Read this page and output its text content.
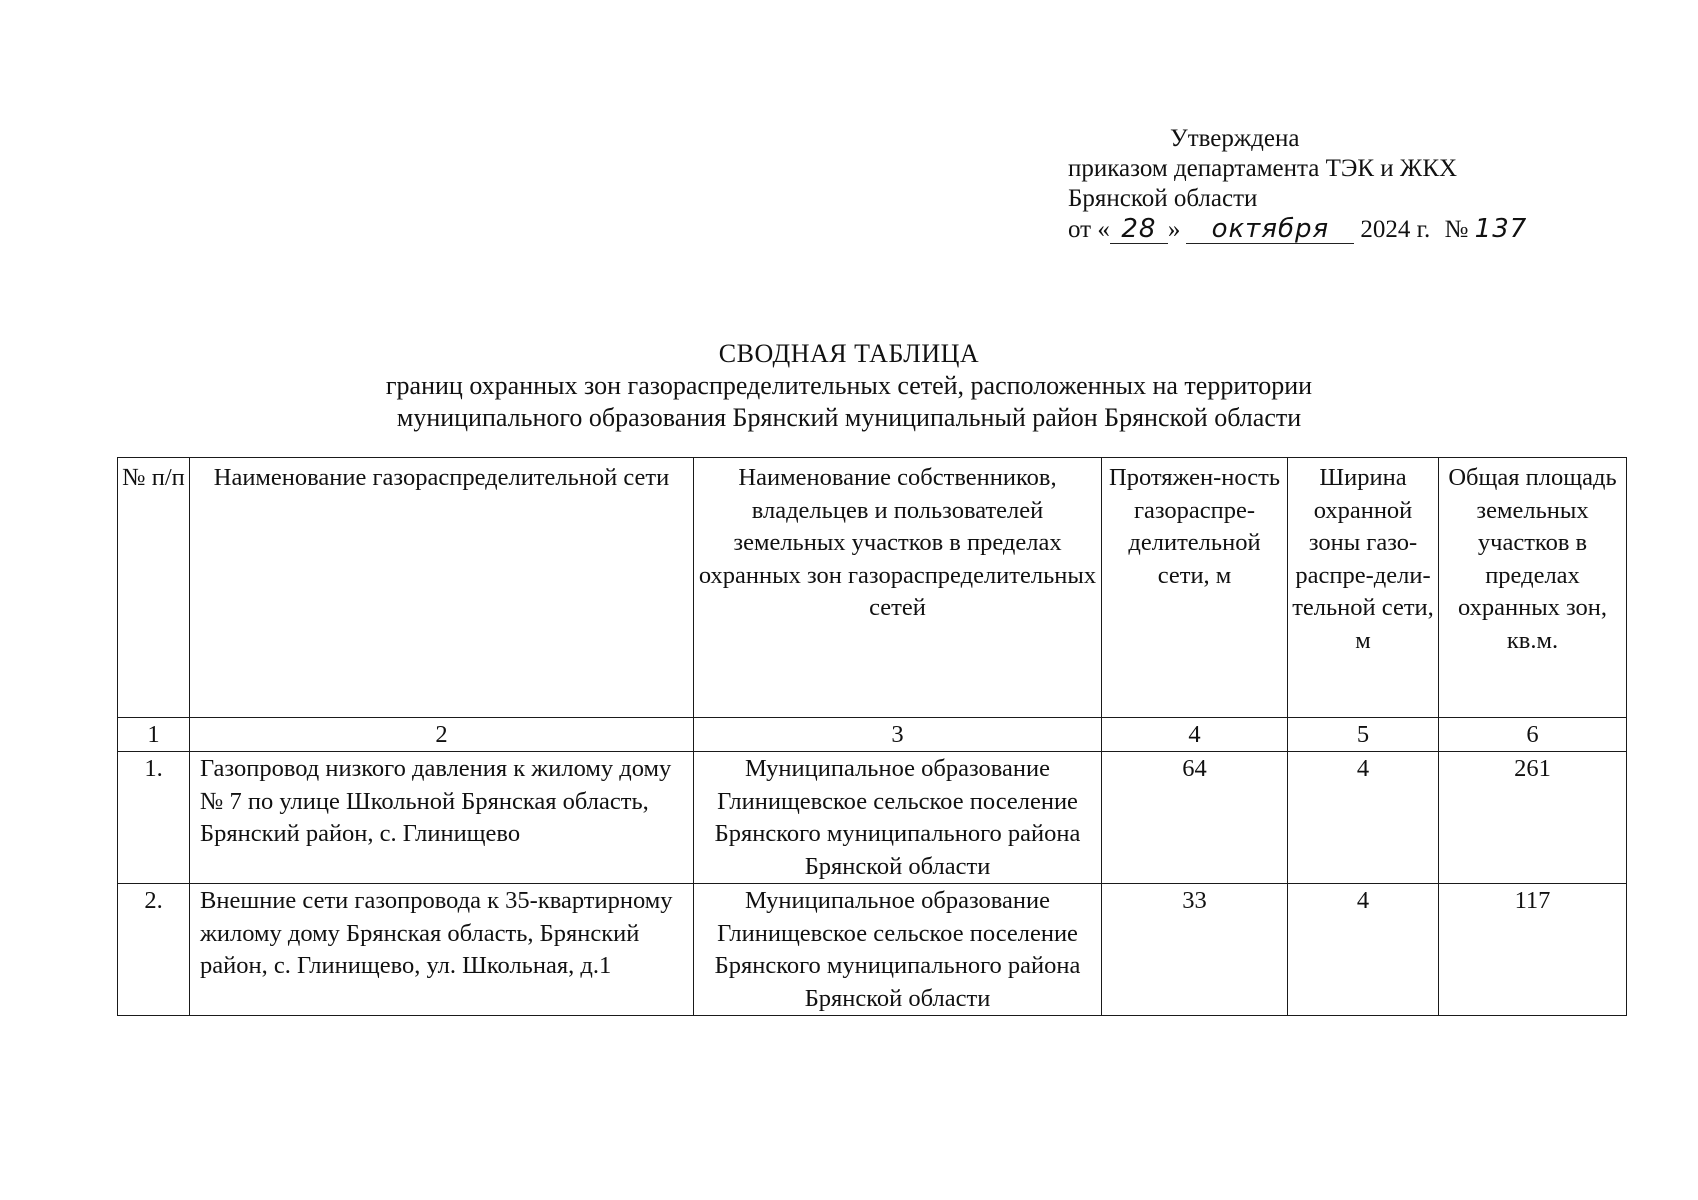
Утверждена
приказом департамента ТЭК и ЖКХ
Брянской области
от « 28 » октября 2024 г. № 137
СВОДНАЯ ТАБЛИЦА
границ охранных зон газораспределительных сетей, расположенных на территории
муниципального образования Брянский муниципальный район Брянской области
№ п/п	Наименование газораспределительной сети	Наименование собственников, владельцев и пользователей земельных участков в пределах охранных зон газораспределительных сетей	Протяжен-ность газораспре-делительной сети, м	Ширина охранной зоны газо-распре-дели-тельной сети, м	Общая площадь земельных участков в пределах охранных зон, кв.м.
1	2	3	4	5	6
1.	Газопровод низкого давления к жилому дому № 7 по улице Школьной Брянская область, Брянский район, с. Глинищево	Муниципальное образование Глинищевское сельское поселение Брянского муниципального района Брянской области	64	4	261
2.	Внешние сети газопровода к 35-квартирному жилому дому Брянская область, Брянский район, с. Глинищево, ул. Школьная, д.1	Муниципальное образование Глинищевское сельское поселение Брянского муниципального района Брянской области	33	4	117
